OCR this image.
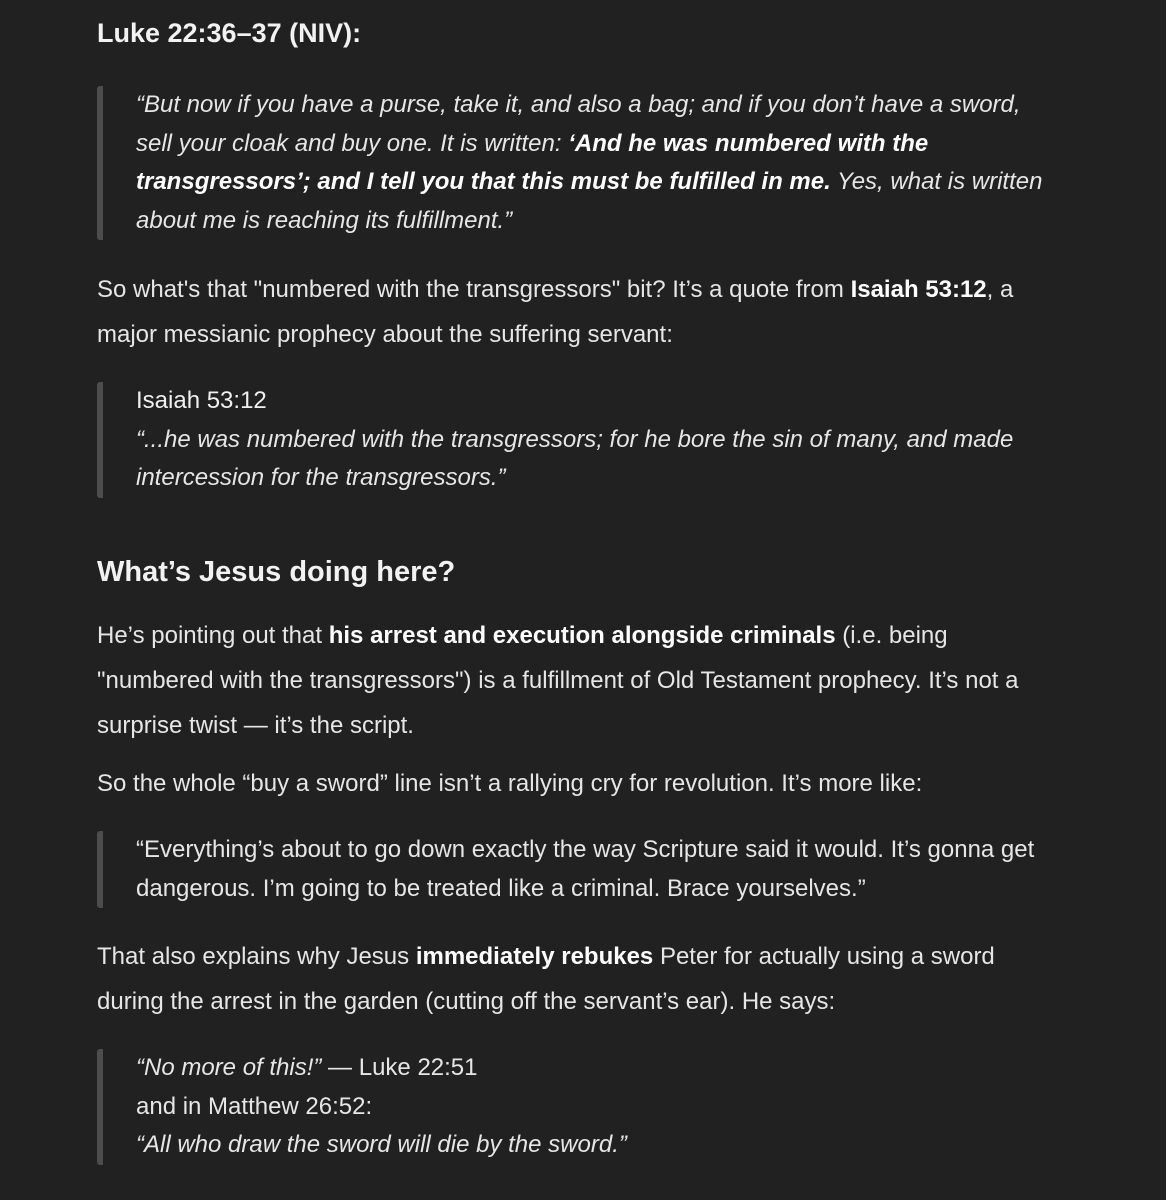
Luke 22:36–37 (NIV):
“But now if you have a purse, take it, and also a bag; and if you don’t have a sword,
sell your cloak and buy one. It is written: ‘And he was numbered with the
transgressors’; and I tell you that this must be fulfilled in me. Yes, what is written
about me is reaching its fulfillment.”

So what's that "numbered with the transgressors" bit? It’s a quote from Isaiah 53:12, a
major messianic prophecy about the suffering servant:

Isaiah 53:12
“...he was numbered with the transgressors; for he bore the sin of many, and made
intercession for the transgressors.”
What’s Jesus doing here?

He’s pointing out that his arrest and execution alongside criminals (i.e. being
"numbered with the transgressors") is a fulfillment of Old Testament prophecy. It’s not a
surprise twist — it’s the script.

So the whole “buy a sword” line isn’t a rallying cry for revolution. It’s more like:

“Everything’s about to go down exactly the way Scripture said it would. It’s gonna get
dangerous. I’m going to be treated like a criminal. Brace yourselves.”

That also explains why Jesus immediately rebukes Peter for actually using a sword
during the arrest in the garden (cutting off the servant’s ear). He says:

“No more of this!” — Luke 22:51
and in Matthew 26:52:
“All who draw the sword will die by the sword.”
